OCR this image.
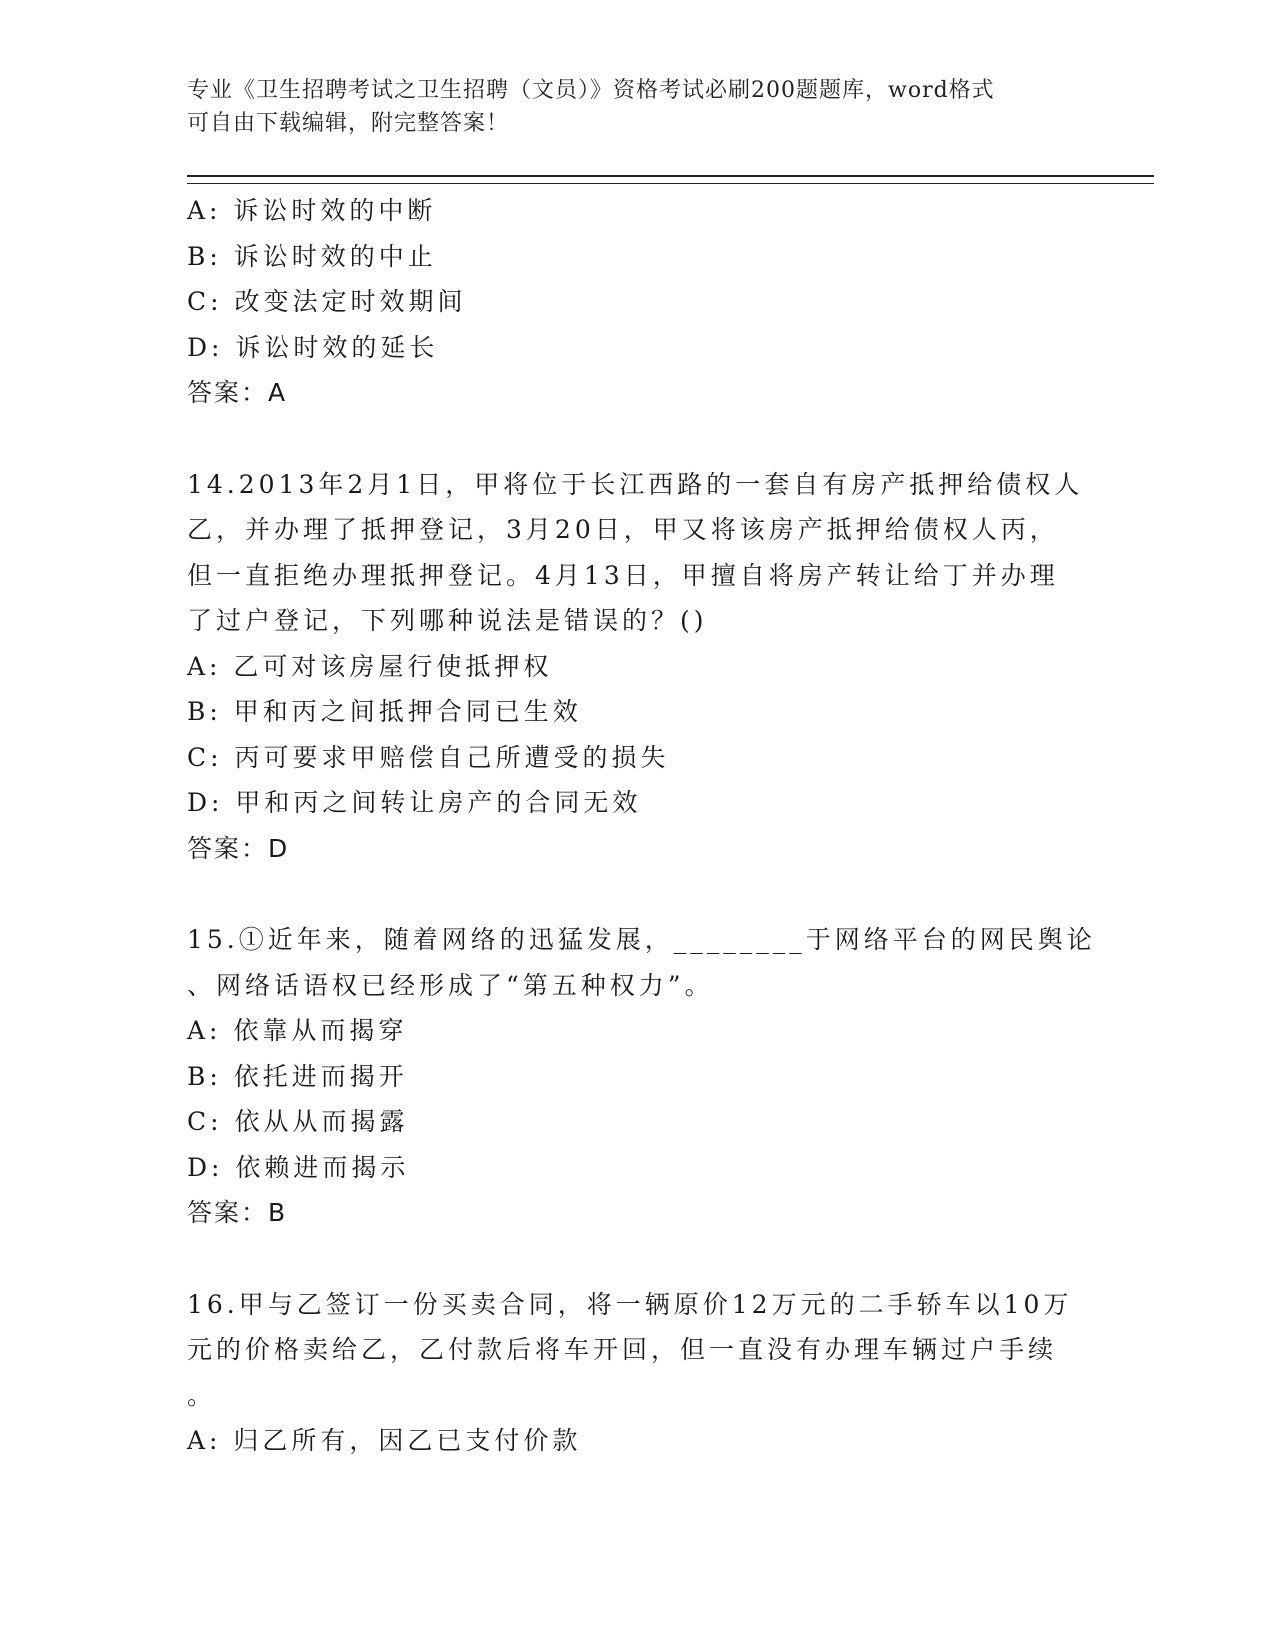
专业《卫生招聘考试之卫生招聘（文员）》资格考试必刷200题题库，word格式
可自由下载编辑，附完整答案！
A: 诉讼时效的中断
B: 诉讼时效的中止
C: 改变法定时效期间
D: 诉讼时效的延长
答案：A
14.2013年2月1日，甲将位于长江西路的一套自有房产抵押给债权人
乙，并办理了抵押登记，3月20日，甲又将该房产抵押给债权人丙，
但一直拒绝办理抵押登记。4月13日，甲擅自将房产转让给丁并办理
了过户登记，下列哪种说法是错误的？()
A: 乙可对该房屋行使抵押权
B: 甲和丙之间抵押合同已生效
C: 丙可要求甲赔偿自己所遭受的损失
D: 甲和丙之间转让房产的合同无效
答案：D
15.①近年来，随着网络的迅猛发展，________于网络平台的网民舆论
、网络话语权已经形成了“第五种权力”。
A: 依靠从而揭穿
B: 依托进而揭开
C: 依从从而揭露
D: 依赖进而揭示
答案：B
16.甲与乙签订一份买卖合同，将一辆原价12万元的二手轿车以10万
元的价格卖给乙，乙付款后将车开回，但一直没有办理车辆过户手续
。
A: 归乙所有，因乙已支付价款
